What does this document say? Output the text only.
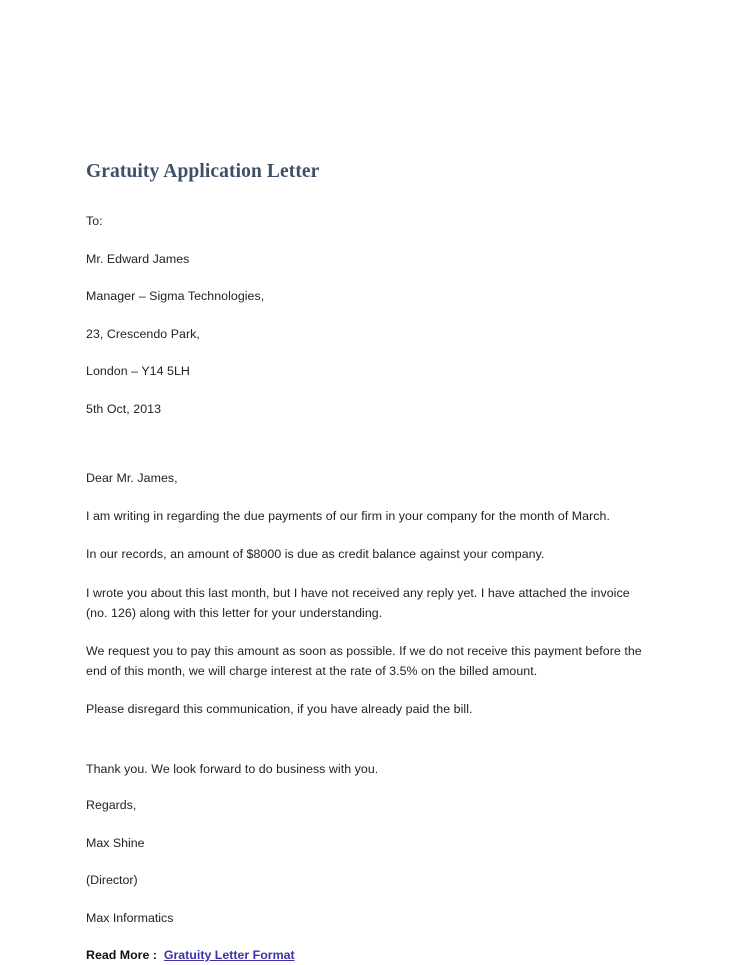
Gratuity Application Letter

To:

Mr. Edward James

Manager – Sigma Technologies,

23, Crescendo Park,

London – Y14 5LH

5th Oct, 2013

Dear Mr. James,

I am writing in regarding the due payments of our firm in your company for the month of March.

In our records, an amount of $8000 is due as credit balance against your company.

I wrote you about this last month, but I have not received any reply yet. I have attached the invoice (no. 126) along with this letter for your understanding.

We request you to pay this amount as soon as possible. If we do not receive this payment before the end of this month, we will charge interest at the rate of 3.5% on the billed amount.

Please disregard this communication, if you have already paid the bill.

Thank you. We look forward to do business with you.

Regards,

Max Shine

(Director)

Max Informatics

Read More : Gratuity Letter Format
